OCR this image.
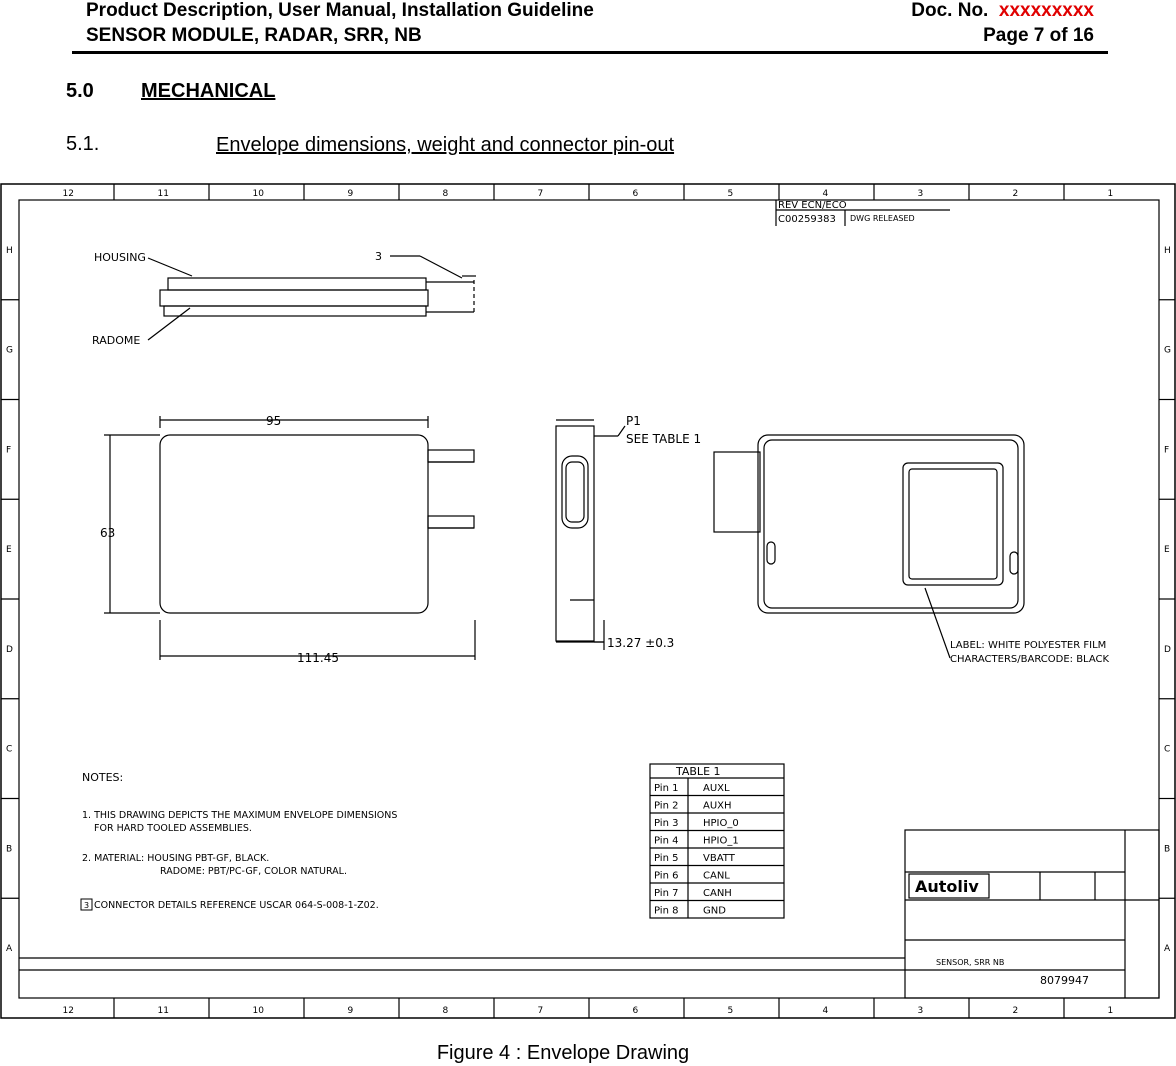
Product Description, User Manual, Installation Guideline	Doc. No. xxxxxxxxx
SENSOR MODULE, RADAR, SRR, NB	Page 7 of 16
5.0 MECHANICAL
5.1.	Envelope dimensions, weight and connector pin-out
12
12
11
11
10
10
9
9
8
8
7
7
6
6
5
5
4
4
3
3
2
2
1
1
H	H
G	G
F	F
E	E
D	D
C	C
B	B
A	A
HOUSING
RADOME
3
95
63
111.45
13.27 ±0.3
P1
SEE TABLE 1
LABEL: WHITE POLYESTER FILM
CHARACTERS/BARCODE: BLACK
REV ECN/ECO
C00259383 DWG RELEASED
TABLE 1
NOTES:
1. THIS DRAWING DEPICTS THE MAXIMUM ENVELOPE DIMENSIONS
FOR HARD TOOLED ASSEMBLIES.
2. MATERIAL: HOUSING PBT-GF, BLACK.
RADOME: PBT/PC-GF, COLOR NATURAL.
CONNECTOR DETAILS REFERENCE USCAR 064-S-008-1-Z02.
3
Autoliv
SENSOR, SRR NB
8079947
Pin 1 AUXL
Pin 2 AUXH
Pin 3 HPIO_0
Pin 4 HPIO_1
Pin 5 VBATT
Pin 6 CANL
Pin 7 CANH
Pin 8 GND
Figure 4 : Envelope Drawing
